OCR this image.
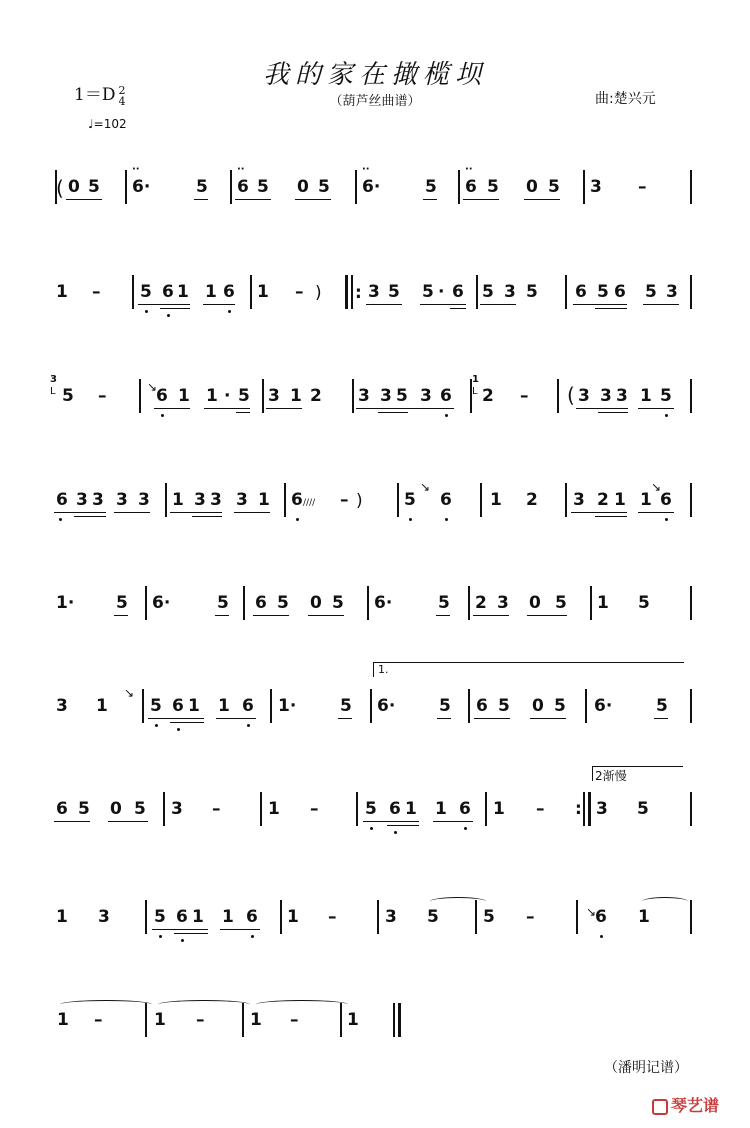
我的家在撖榄坝
（葫芦丝曲谱）
1＝D 2
4
♩=102
曲:楚兴元
0 5 6·	5 6 5 0 5 6·	5 6 5 0 5 3 –
1 – 5 6 1 1 6 1 –	3 5 5 · 6 5 3 5 6 5 6 5 3
5 –	6 1 1 · 5 3 1 2 3 3 5 3 6 2 –	3 3 3 1 5
6 3 3 3 3 1 3 3 3 1 6 –	5 6 1 2 3 2 1 1 6
1· 5 6·	5 6 5 0 5 6·	5 2 3 0 5 1 5
3 1 5 6 1 1 6 1·	5 6·	5 6 5 0 5 6·	5
6 5 0 5 3 –	1 –	5 6 1 1 6 1 –	3 5
1 3	5 6 1 1 6 1 –	3 5	5 –	6 1
1 –	1 –	1 –	1
(
⋅⋅	⋅⋅	⋅⋅	⋅⋅
) :
3
L	↘
1
L	(
//// )
↘	↘
↘
1.
:
2渐慢
↘
（潘明记谱）
琴艺谱
